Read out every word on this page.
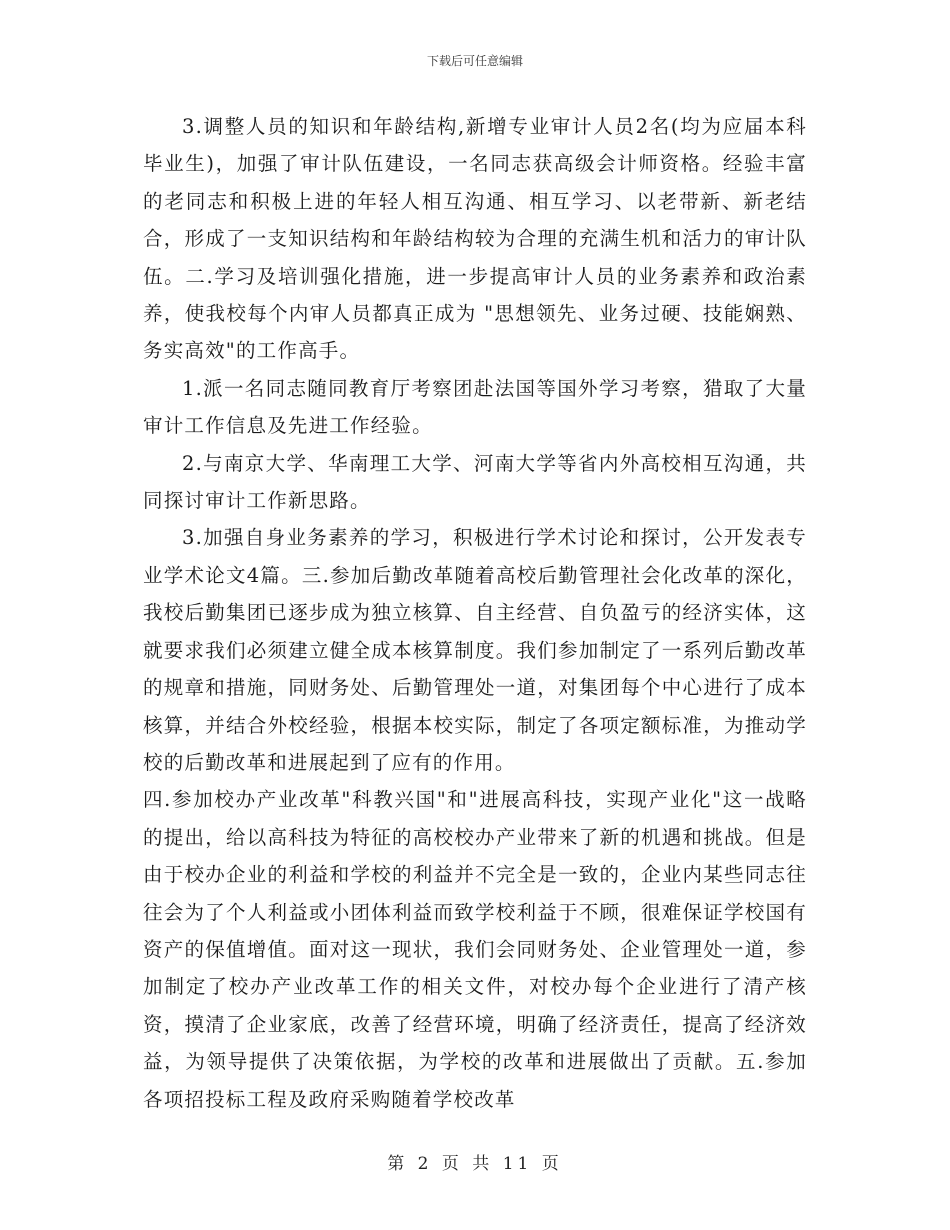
下载后可任意编辑

3.调整人员的知识和年龄结构,新增专业审计人员2名(均为应届本科毕业生)，加强了审计队伍建设，一名同志获高级会计师资格。经验丰富的老同志和积极上进的年轻人相互沟通、相互学习、以老带新、新老结合，形成了一支知识结构和年龄结构较为合理的充满生机和活力的审计队伍。二.学习及培训强化措施，进一步提高审计人员的业务素养和政治素养，使我校每个内审人员都真正成为 "思想领先、业务过硬、技能娴熟、务实高效"的工作高手。

1.派一名同志随同教育厅考察团赴法国等国外学习考察，猎取了大量审计工作信息及先进工作经验。

2.与南京大学、华南理工大学、河南大学等省内外高校相互沟通，共同探讨审计工作新思路。

3.加强自身业务素养的学习，积极进行学术讨论和探讨，公开发表专业学术论文4篇。三.参加后勤改革随着高校后勤管理社会化改革的深化，我校后勤集团已逐步成为独立核算、自主经营、自负盈亏的经济实体，这就要求我们必须建立健全成本核算制度。我们参加制定了一系列后勤改革的规章和措施，同财务处、后勤管理处一道，对集团每个中心进行了成本核算，并结合外校经验，根据本校实际，制定了各项定额标准，为推动学校的后勤改革和进展起到了应有的作用。

四.参加校办产业改革"科教兴国"和"进展高科技，实现产业化"这一战略的提出，给以高科技为特征的高校校办产业带来了新的机遇和挑战。但是由于校办企业的利益和学校的利益并不完全是一致的，企业内某些同志往往会为了个人利益或小团体利益而致学校利益于不顾，很难保证学校国有资产的保值增值。面对这一现状，我们会同财务处、企业管理处一道，参加制定了校办产业改革工作的相关文件，对校办每个企业进行了清产核资，摸清了企业家底，改善了经营环境，明确了经济责任，提高了经济效益，为领导提供了决策依据，为学校的改革和进展做出了贡献。五.参加各项招投标工程及政府采购随着学校改革

第 2 页 共 11 页
